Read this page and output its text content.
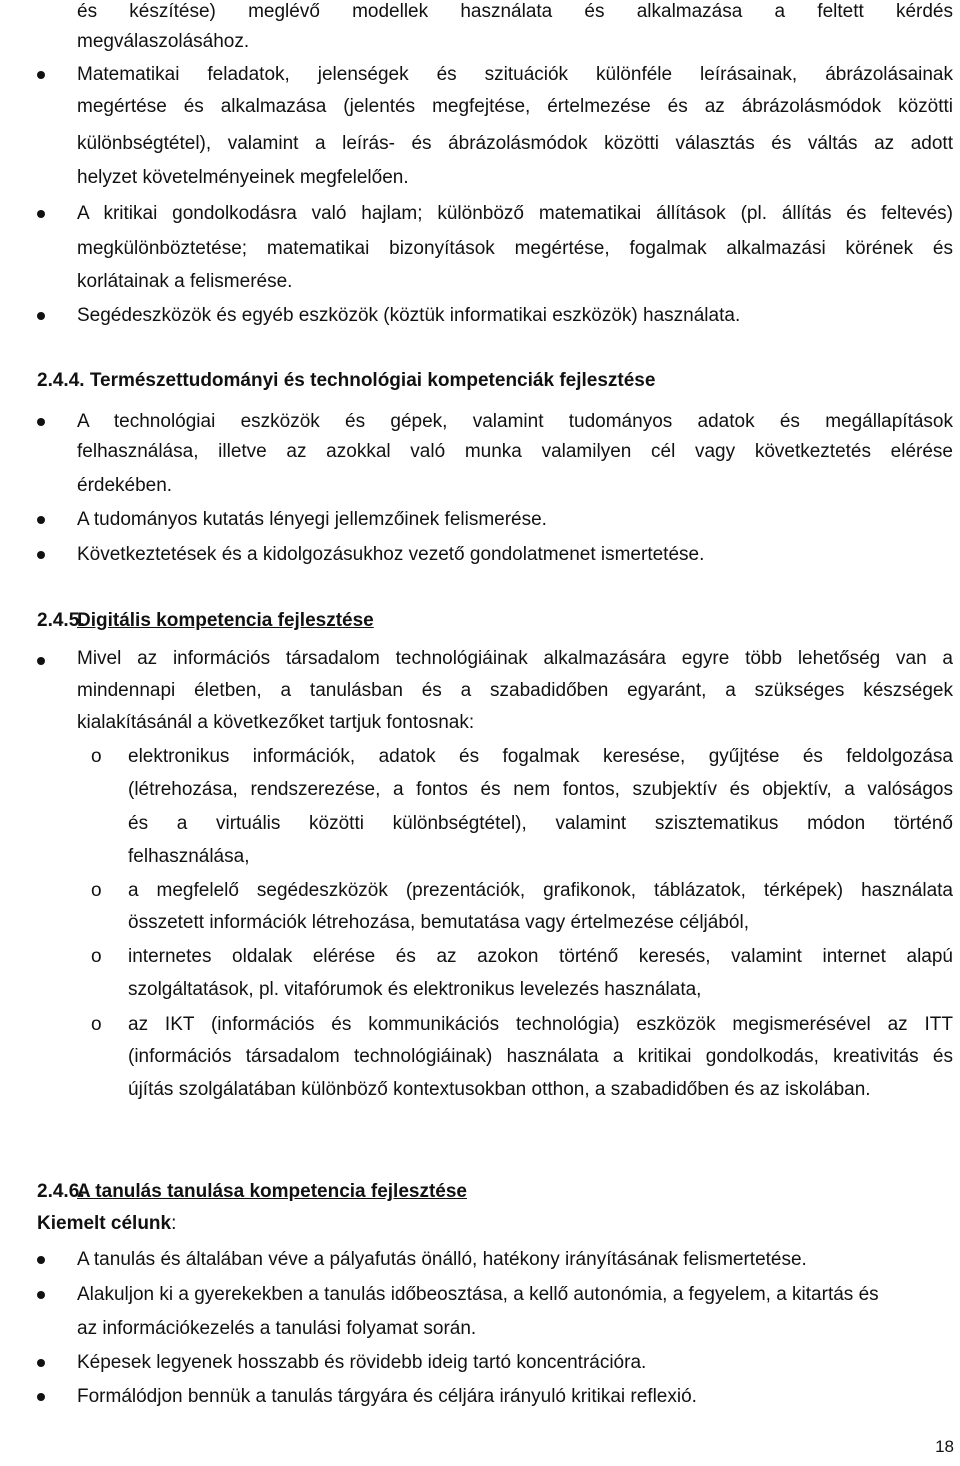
és készítése) meglévő modellek használata és alkalmazása a feltett kérdés
megválaszolásához.
Matematikai feladatok, jelenségek és szituációk különféle leírásainak, ábrázolásainak
megértése és alkalmazása (jelentés megfejtése, értelmezése és az ábrázolásmódok közötti
különbségtétel), valamint a leírás- és ábrázolásmódok közötti választás és váltás az adott
helyzet követelményeinek megfelelően.
A kritikai gondolkodásra való hajlam; különböző matematikai állítások (pl. állítás és feltevés)
megkülönböztetése; matematikai bizonyítások megértése, fogalmak alkalmazási körének és
korlátainak a felismerése.
Segédeszközök és egyéb eszközök (köztük informatikai eszközök) használata.
2.4.4. Természettudományi és technológiai kompetenciák fejlesztése
A technológiai eszközök és gépek, valamint tudományos adatok és megállapítások
felhasználása, illetve az azokkal való munka valamilyen cél vagy következtetés elérése
érdekében.
A tudományos kutatás lényegi jellemzőinek felismerése.
Következtetések és a kidolgozásukhoz vezető gondolatmenet ismertetése.
2.4.5.
Digitális kompetencia fejlesztése
Mivel az információs társadalom technológiáinak alkalmazására egyre több lehetőség van a
mindennapi életben, a tanulásban és a szabadidőben egyaránt, a szükséges készségek
kialakításánál a következőket tartjuk fontosnak:
o elektronikus információk, adatok és fogalmak keresése, gyűjtése és feldolgozása
(létrehozása, rendszerezése, a fontos és nem fontos, szubjektív és objektív, a valóságos
és a virtuális közötti különbségtétel), valamint szisztematikus módon történő
felhasználása,
o a megfelelő segédeszközök (prezentációk, grafikonok, táblázatok, térképek) használata
összetett információk létrehozása, bemutatása vagy értelmezése céljából,
o internetes oldalak elérése és az azokon történő keresés, valamint internet alapú
szolgáltatások, pl. vitafórumok és elektronikus levelezés használata,
o az IKT (információs és kommunikációs technológia) eszközök megismerésével az ITT
(információs társadalom technológiáinak) használata a kritikai gondolkodás, kreativitás és
újítás szolgálatában különböző kontextusokban otthon, a szabadidőben és az iskolában.
2.4.6.
A tanulás tanulása kompetencia fejlesztése
Kiemelt célunk:
A tanulás és általában véve a pályafutás önálló, hatékony irányításának felismertetése.
Alakuljon ki a gyerekekben a tanulás időbeosztása, a kellő autonómia, a fegyelem, a kitartás és
az információkezelés a tanulási folyamat során.
Képesek legyenek hosszabb és rövidebb ideig tartó koncentrációra.
Formálódjon bennük a tanulás tárgyára és céljára irányuló kritikai reflexió.
18
